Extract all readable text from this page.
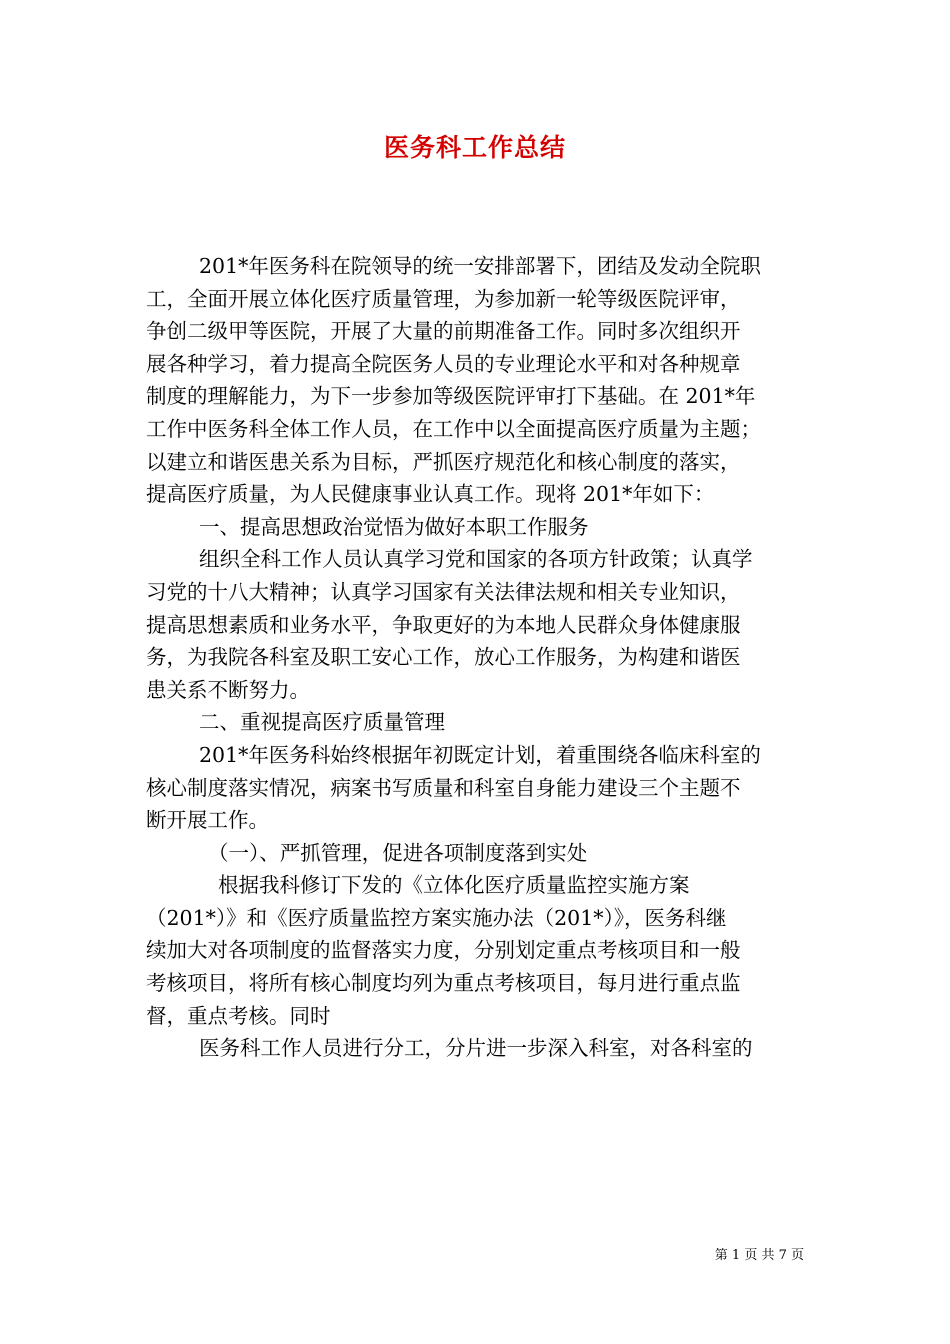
医务科工作总结
201*年医务科在院领导的统一安排部署下，团结及发动全院职
工，全面开展立体化医疗质量管理，为参加新一轮等级医院评审，
争创二级甲等医院，开展了大量的前期准备工作。同时多次组织开
展各种学习，着力提高全院医务人员的专业理论水平和对各种规章
制度的理解能力，为下一步参加等级医院评审打下基础。在 201*年
工作中医务科全体工作人员，在工作中以全面提高医疗质量为主题；
以建立和谐医患关系为目标，严抓医疗规范化和核心制度的落实，
提高医疗质量，为人民健康事业认真工作。现将 201*年如下：
一、提高思想政治觉悟为做好本职工作服务
组织全科工作人员认真学习党和国家的各项方针政策；认真学
习党的十八大精神；认真学习国家有关法律法规和相关专业知识，
提高思想素质和业务水平，争取更好的为本地人民群众身体健康服
务，为我院各科室及职工安心工作，放心工作服务，为构建和谐医
患关系不断努力。
二、重视提高医疗质量管理
201*年医务科始终根据年初既定计划，着重围绕各临床科室的
核心制度落实情况，病案书写质量和科室自身能力建设三个主题不
断开展工作。
（一）、严抓管理，促进各项制度落到实处
根据我科修订下发的《立体化医疗质量监控实施方案
（201*）》和《医疗质量监控方案实施办法（201*）》，医务科继
续加大对各项制度的监督落实力度，分别划定重点考核项目和一般
考核项目，将所有核心制度均列为重点考核项目，每月进行重点监
督，重点考核。同时
医务科工作人员进行分工，分片进一步深入科室，对各科室的
第 1 页 共 7 页
